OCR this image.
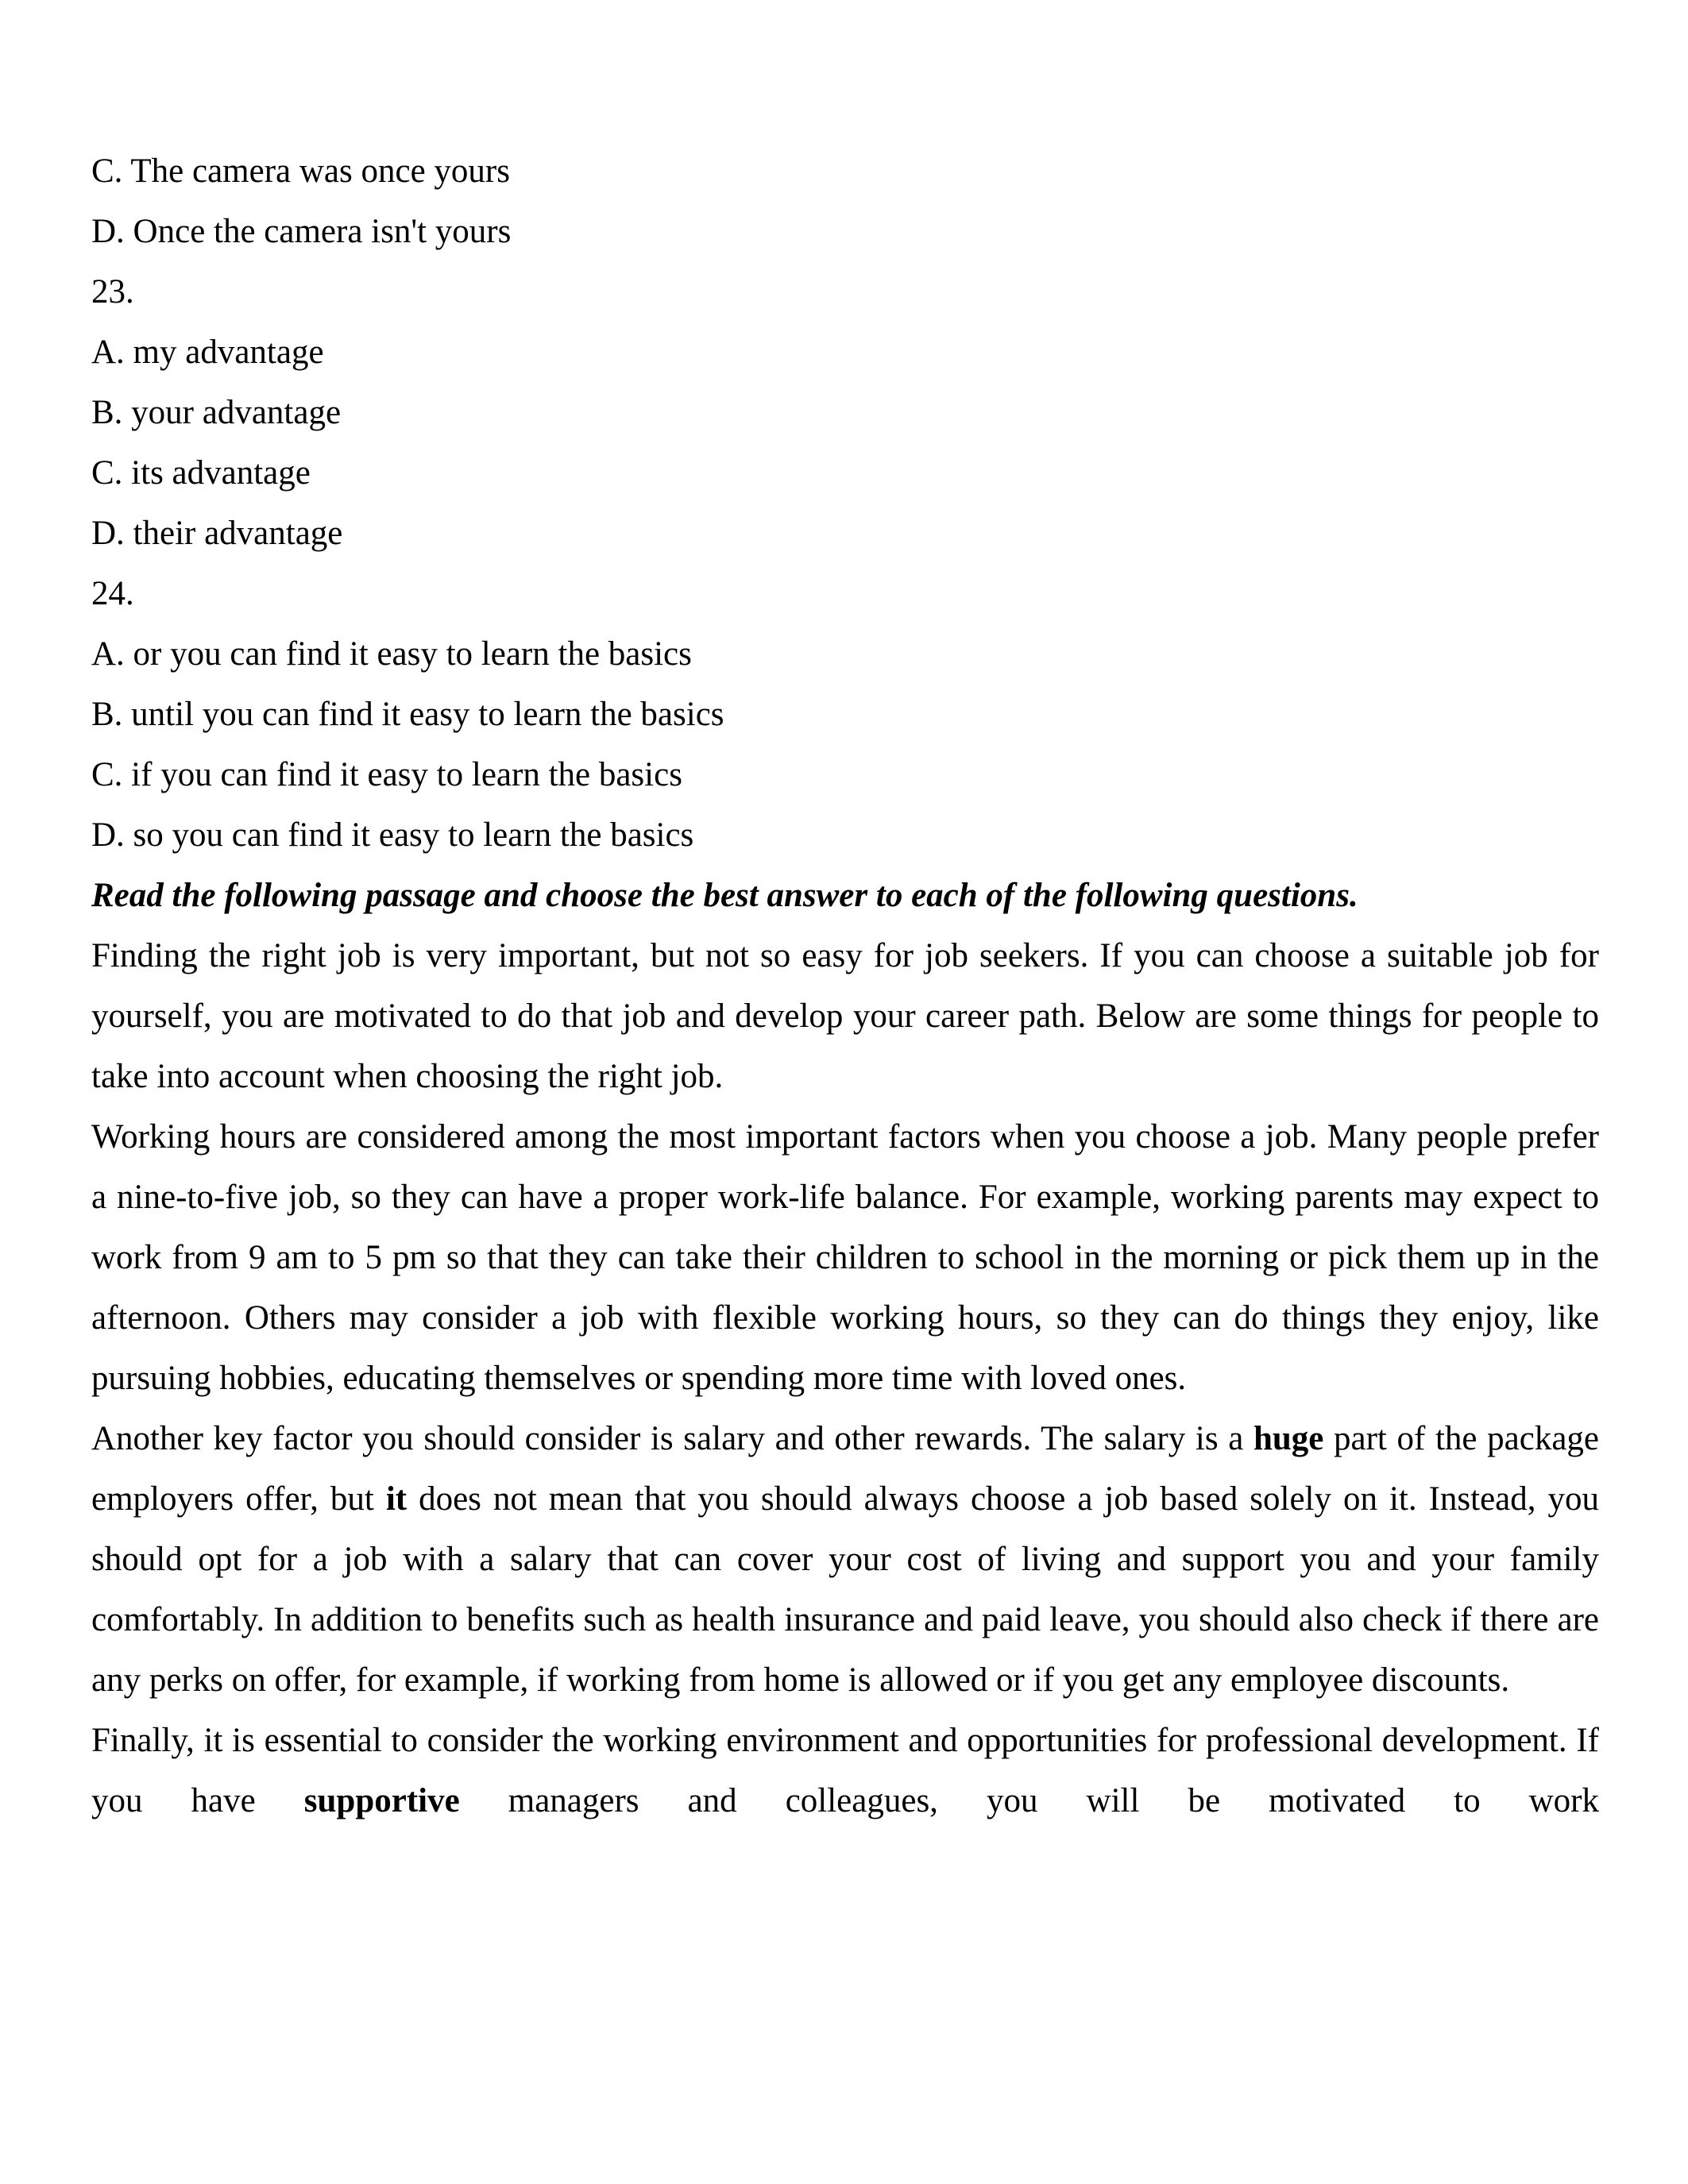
C. The camera was once yours

D. Once the camera isn't yours

23.

A. my advantage

B. your advantage

C. its advantage

D. their advantage

24.

A. or you can find it easy to learn the basics

B. until you can find it easy to learn the basics

C. if you can find it easy to learn the basics

D. so you can find it easy to learn the basics

Read the following passage and choose the best answer to each of the following questions.

Finding the right job is very important, but not so easy for job seekers. If you can choose a suitable job for yourself, you are motivated to do that job and develop your career path. Below are some things for people to take into account when choosing the right job.

Working hours are considered among the most important factors when you choose a job. Many people prefer a nine-to-five job, so they can have a proper work-life balance. For example, working parents may expect to work from 9 am to 5 pm so that they can take their children to school in the morning or pick them up in the afternoon. Others may consider a job with flexible working hours, so they can do things they enjoy, like pursuing hobbies, educating themselves or spending more time with loved ones.

Another key factor you should consider is salary and other rewards. The salary is a huge part of the package employers offer, but it does not mean that you should always choose a job based solely on it. Instead, you should opt for a job with a salary that can cover your cost of living and support you and your family comfortably. In addition to benefits such as health insurance and paid leave, you should also check if there are any perks on offer, for example, if working from home is allowed or if you get any employee discounts.

Finally, it is essential to consider the working environment and opportunities for professional development. If you have supportive managers and colleagues, you will be motivated to work
